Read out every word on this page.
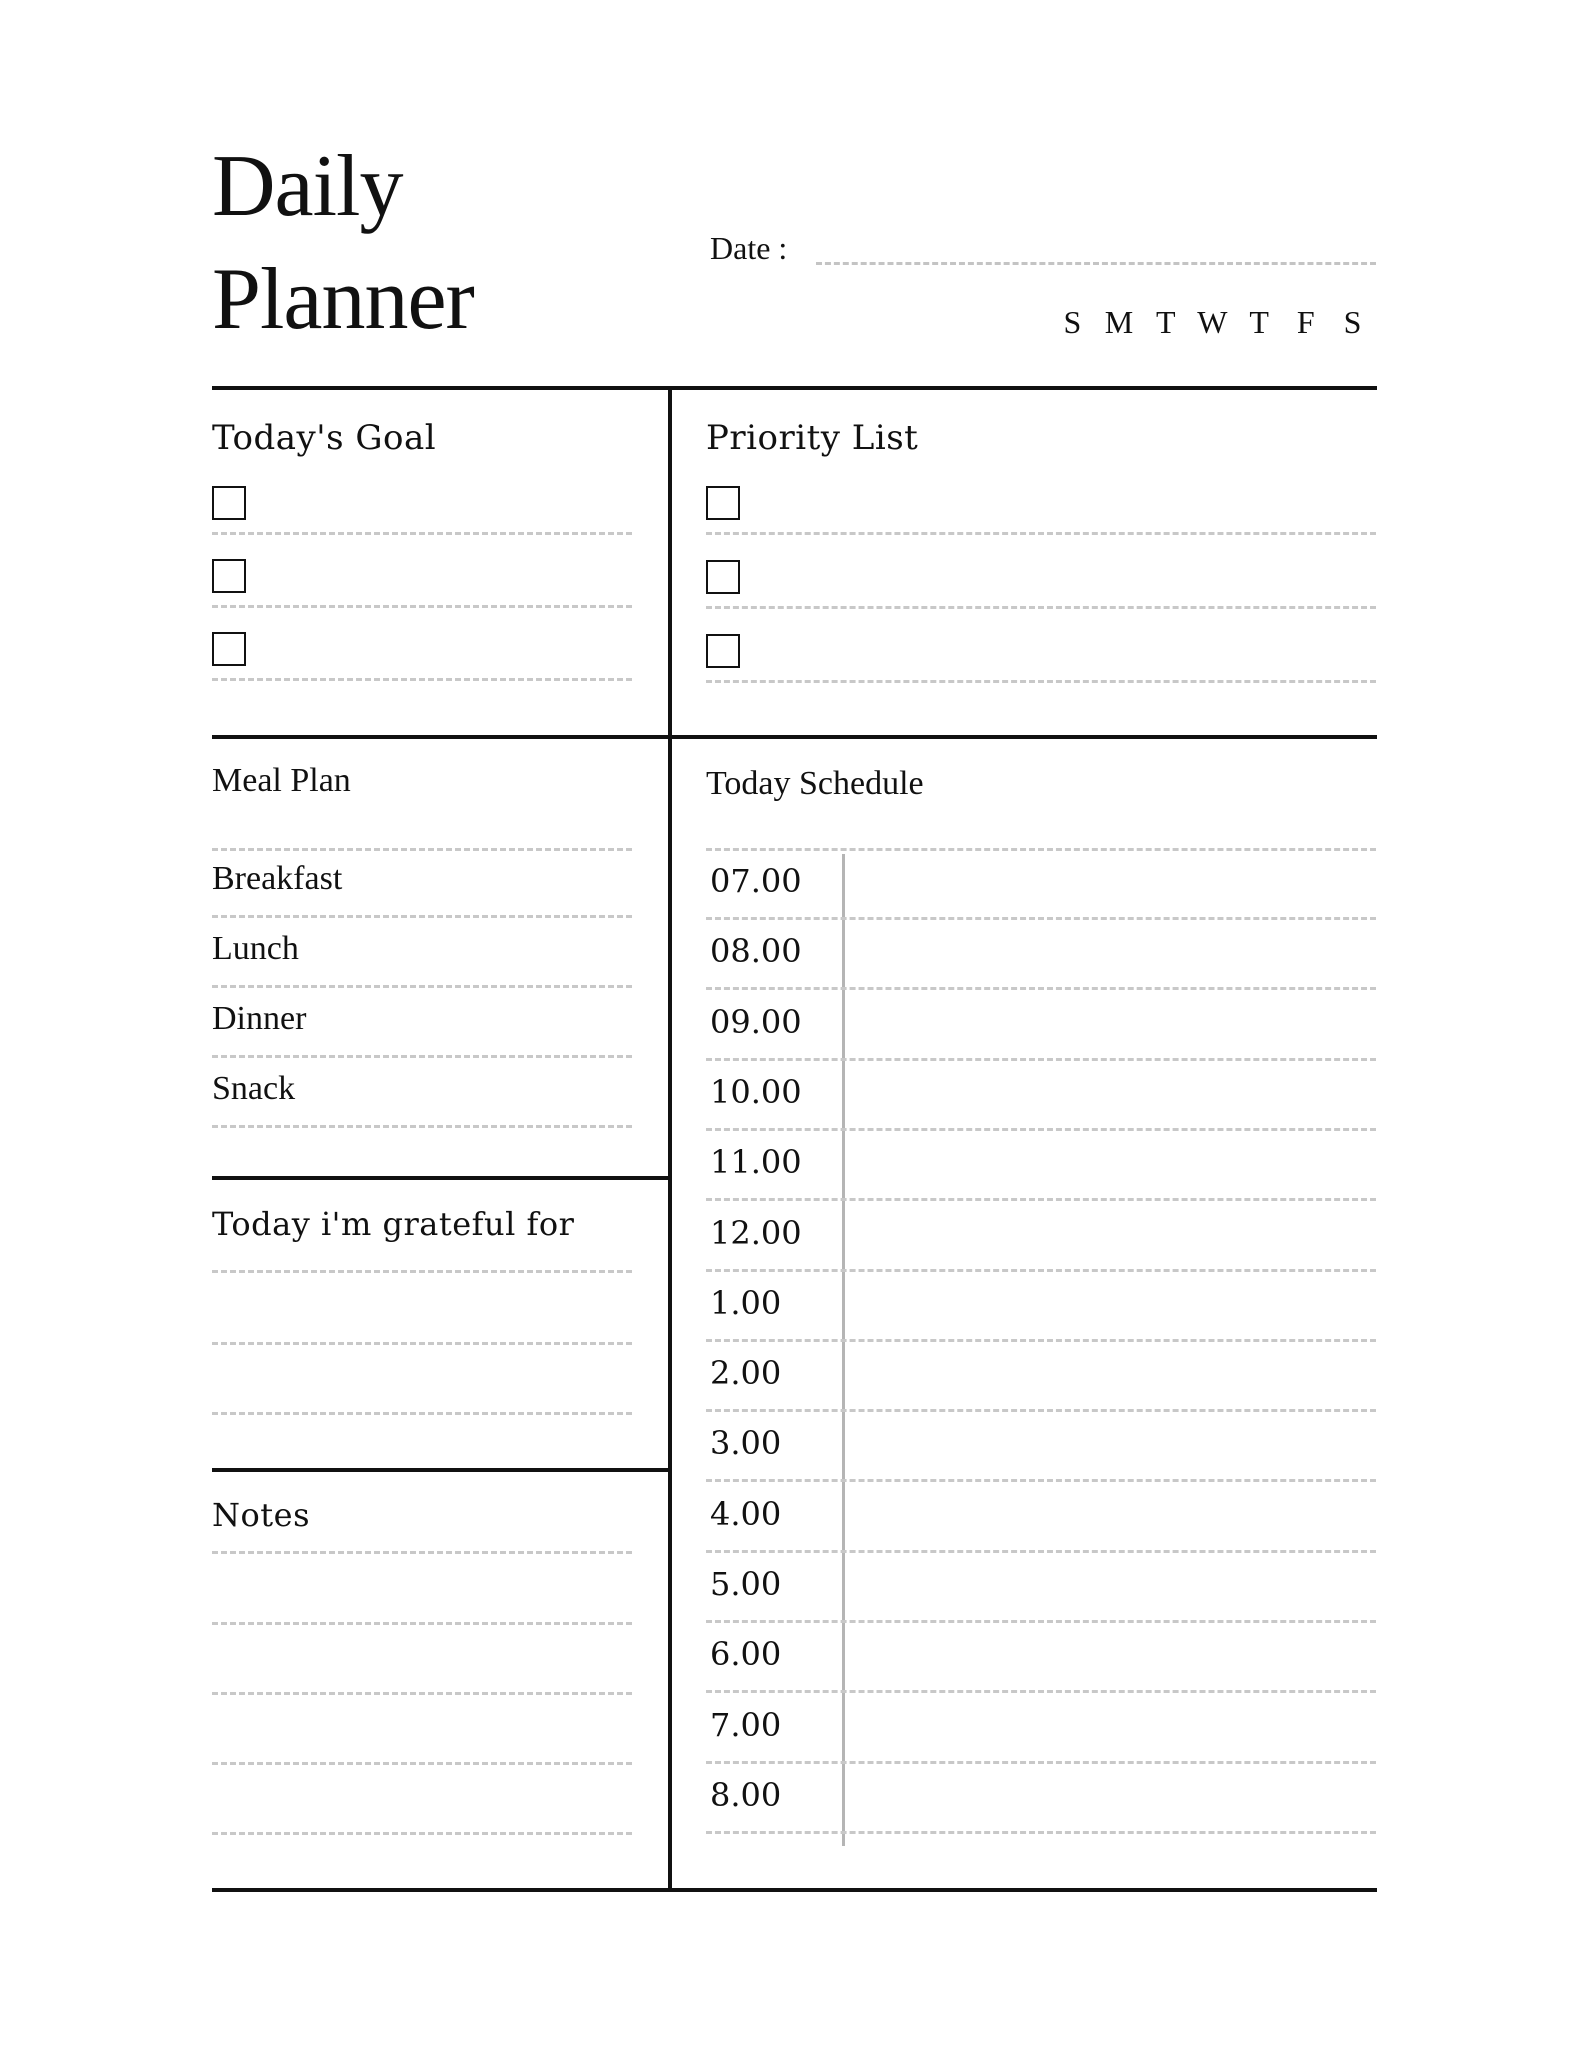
Daily
Planner
Date :
S M T W T F S
Today's Goal	Priority List
Meal Plan
Breakfast
Lunch
Dinner
Snack
Today i'm grateful for
Notes
Today Schedule
07.00
08.00
09.00
10.00
11.00
12.00
1.00
2.00
3.00
4.00
5.00
6.00
7.00
8.00
